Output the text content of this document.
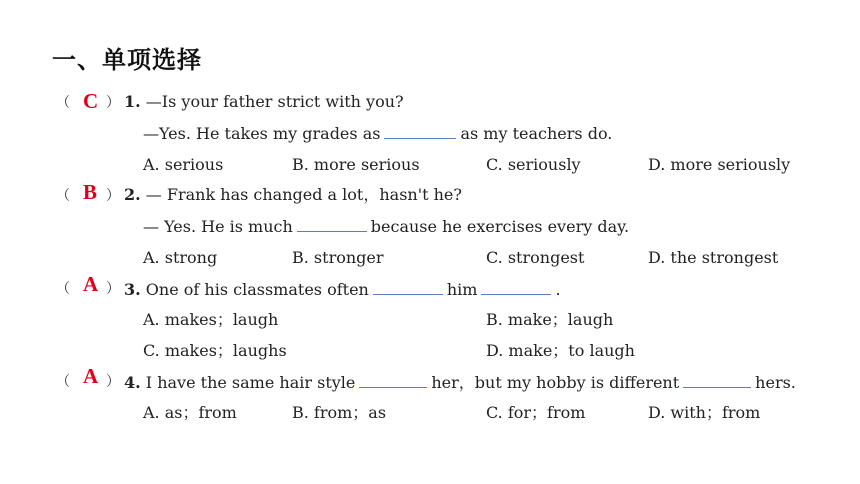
一、单项选择
（ C ） 1. —Is your father strict with you?
—Yes. He takes my grades as	as my teachers do.
A. serious	B. more serious	C. seriously	D. more seriously
（ B ） 2. — Frank has changed a lot，hasn't he?
— Yes. He is much	because he exercises every day.
A. strong	B. stronger	C. strongest	D. the strongest
（ A ） 3. One of his classmates often	him	.
A. makes；laugh	B. make；laugh
C. makes；laughs	D. make；to laugh
（ A ） 4. I have the same hair style	her，but my hobby is different	hers.
A. as；from	B. from；as	C. for；from	D. with；from
